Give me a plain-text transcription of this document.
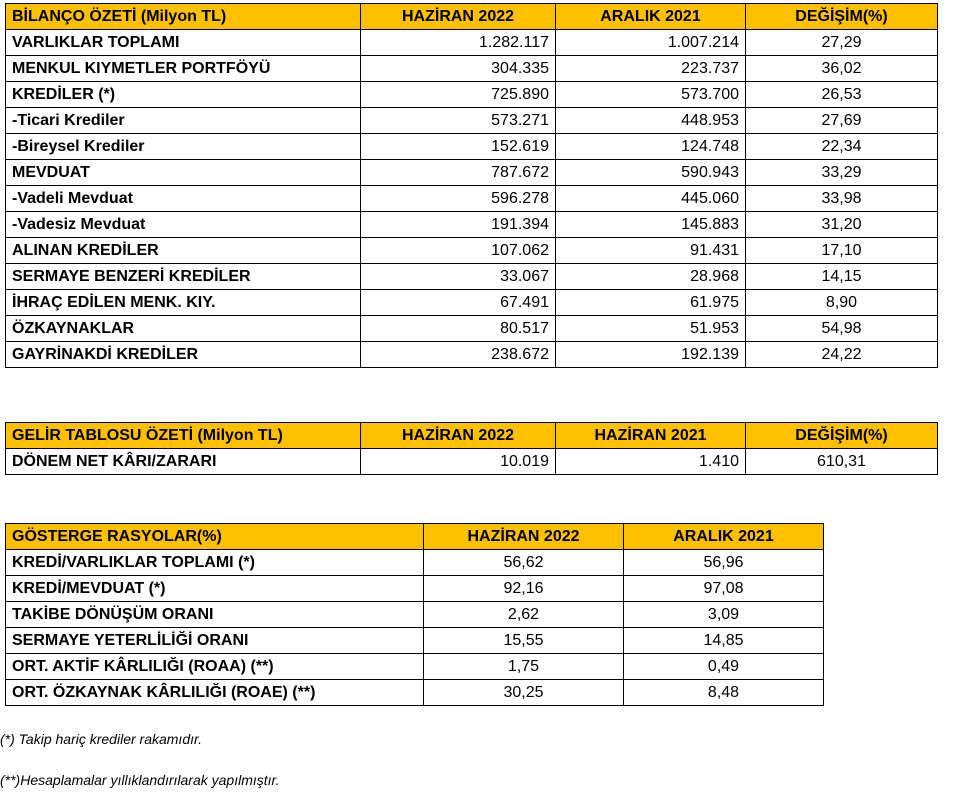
BİLANÇO ÖZETİ (Milyon TL)	HAZİRAN 2022	ARALIK 2021	DEĞİŞİM(%)
VARLIKLAR TOPLAMI	1.282.117	1.007.214	27,29
MENKUL KIYMETLER PORTFÖYÜ	304.335	223.737	36,02
KREDİLER (*)	725.890	573.700	26,53
-Ticari Krediler	573.271	448.953	27,69
-Bireysel Krediler	152.619	124.748	22,34
MEVDUAT	787.672	590.943	33,29
-Vadeli Mevduat	596.278	445.060	33,98
-Vadesiz Mevduat	191.394	145.883	31,20
ALINAN KREDİLER	107.062	91.431	17,10
SERMAYE BENZERİ KREDİLER	33.067	28.968	14,15
İHRAÇ EDİLEN MENK. KIY.	67.491	61.975	8,90
ÖZKAYNAKLAR	80.517	51.953	54,98
GAYRİNAKDİ KREDİLER	238.672	192.139	24,22
GELİR TABLOSU ÖZETİ (Milyon TL)	HAZİRAN 2022	HAZİRAN 2021	DEĞİŞİM(%)
DÖNEM NET KÂRI/ZARARI	10.019	1.410	610,31
GÖSTERGE RASYOLAR(%)	HAZİRAN 2022	ARALIK 2021
KREDİ/VARLIKLAR TOPLAMI (*)	56,62	56,96
KREDİ/MEVDUAT (*)	92,16	97,08
TAKİBE DÖNÜŞÜM ORANI	2,62	3,09
SERMAYE YETERLİLİĞİ ORANI	15,55	14,85
ORT. AKTİF KÂRLILIĞI (ROAA) (**)	1,75	0,49
ORT. ÖZKAYNAK KÂRLILIĞI (ROAE) (**)	30,25	8,48
(*) Takip hariç krediler rakamıdır.
(**)Hesaplamalar yıllıklandırılarak yapılmıştır.
